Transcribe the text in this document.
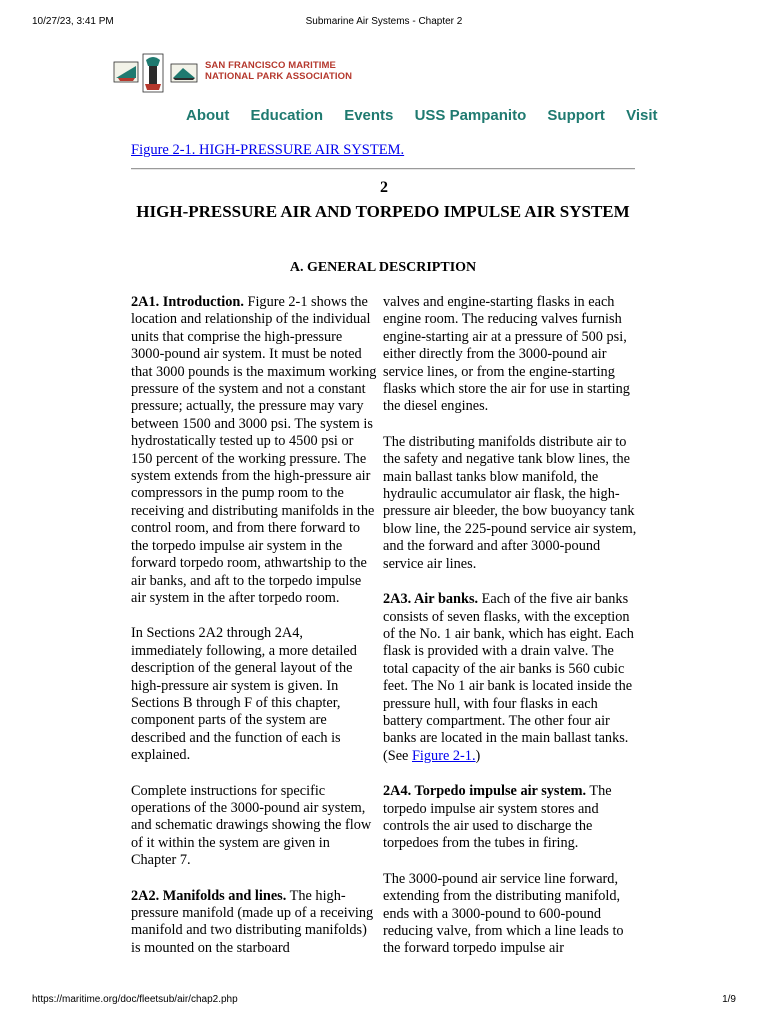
10/27/23, 3:41 PM	Submarine Air Systems - Chapter 2
SAN FRANCISCO MARITIME
NATIONAL PARK ASSOCIATION
About Education Events USS Pampanito Support Visit
Figure 2-1. HIGH-PRESSURE AIR SYSTEM.
2
HIGH-PRESSURE AIR AND TORPEDO IMPULSE AIR SYSTEM
A. GENERAL DESCRIPTION

2A1. Introduction. Figure 2-1 shows the location and relationship of the individual units that comprise the high-pressure 3000-pound air system. It must be noted that 3000 pounds is the maximum working pressure of the system and not a constant pressure; actually, the pressure may vary between 1500 and 3000 psi. The system is hydrostatically tested up to 4500 psi or 150 percent of the working pressure. The system extends from the high-pressure air compressors in the pump room to the receiving and distributing manifolds in the control room, and from there forward to the torpedo impulse air system in the forward torpedo room, athwartship to the air banks, and aft to the torpedo impulse air system in the after torpedo room.

In Sections 2A2 through 2A4, immediately following, a more detailed description of the general layout of the high-pressure air system is given. In Sections B through F of this chapter, component parts of the system are described and the function of each is explained.

Complete instructions for specific operations of the 3000-pound air system, and schematic drawings showing the flow of it within the system are given in Chapter 7.

2A2. Manifolds and lines. The high-pressure manifold (made up of a receiving manifold and two distributing manifolds) is mounted on the starboard

valves and engine-starting flasks in each engine room. The reducing valves furnish engine-starting air at a pressure of 500 psi, either directly from the 3000-pound air service lines, or from the engine-starting flasks which store the air for use in starting the diesel engines.

The distributing manifolds distribute air to the safety and negative tank blow lines, the main ballast tanks blow manifold, the hydraulic accumulator air flask, the high-pressure air bleeder, the bow buoyancy tank blow line, the 225-pound service air system, and the forward and after 3000-pound service air lines.

2A3. Air banks. Each of the five air banks consists of seven flasks, with the exception of the No. 1 air bank, which has eight. Each flask is provided with a drain valve. The total capacity of the air banks is 560 cubic feet. The No 1 air bank is located inside the pressure hull, with four flasks in each battery compartment. The other four air banks are located in the main ballast tanks. (See Figure 2-1.)

2A4. Torpedo impulse air system. The torpedo impulse air system stores and controls the air used to discharge the torpedoes from the tubes in firing.

The 3000-pound air service line forward, extending from the distributing manifold, ends with a 3000-pound to 600-pound reducing valve, from which a line leads to the forward torpedo impulse air

https://maritime.org/doc/fleetsub/air/chap2.php	1/9
